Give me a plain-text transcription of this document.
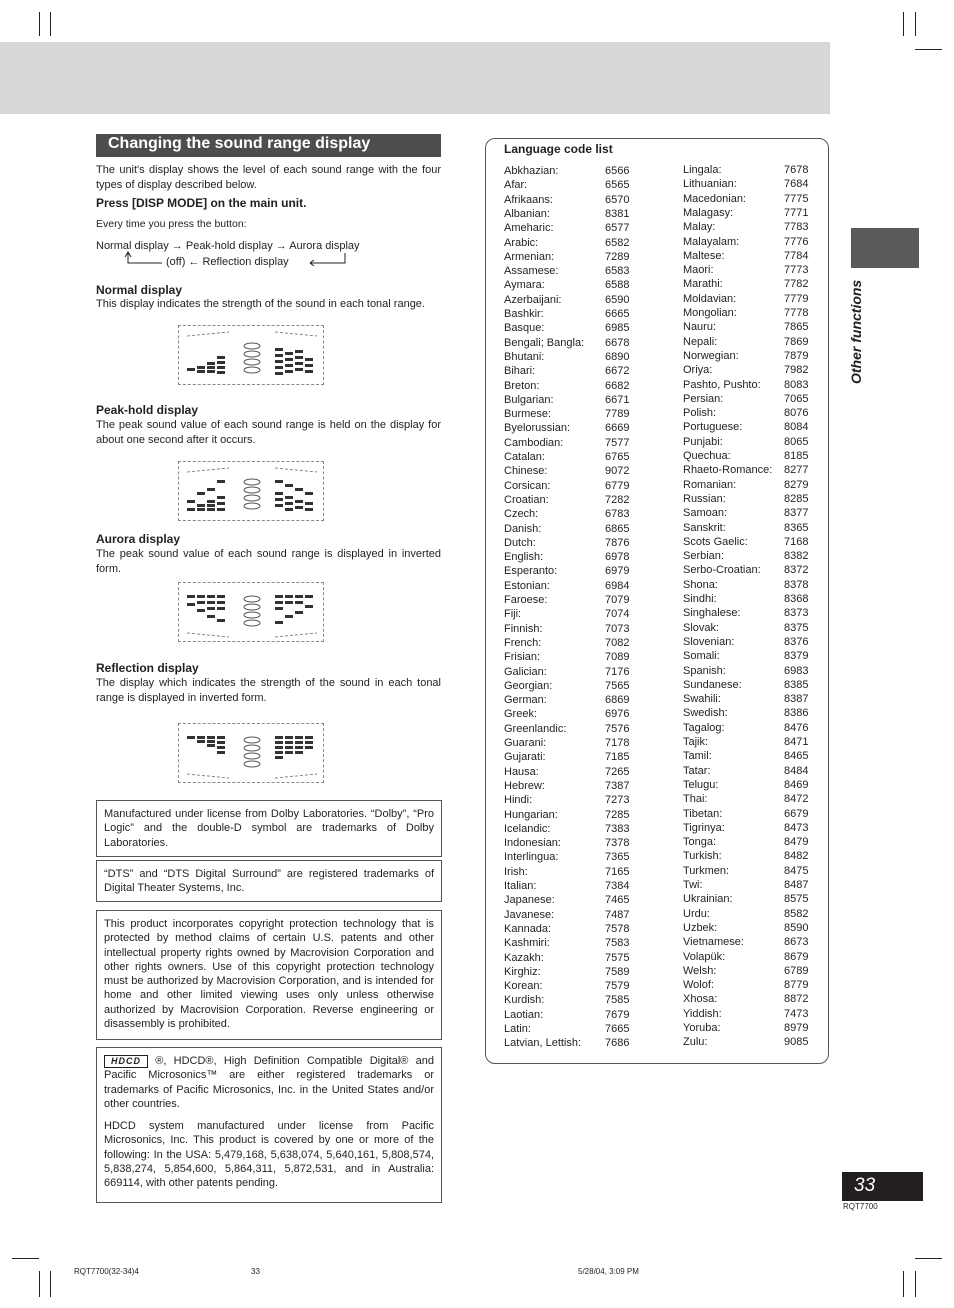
Other functions
33
RQT7700
Changing the sound range display
The unit's display shows the level of each sound range with the four types of display described below.
Press [DISP MODE] on the main unit.
Every time you press the button:
Normal display → Peak-hold display → Aurora display
(off) ← Reflection display
Normal display
This display indicates the strength of the sound in each tonal range.
Peak-hold display
The peak sound value of each sound range is held on the display for about one second after it occurs.
Aurora display
The peak sound value of each sound range is displayed in inverted form.
Reflection display
The display which indicates the strength of the sound in each tonal range is displayed in inverted form.
Manufactured under license from Dolby Laboratories. “Dolby”, “Pro Logic” and the double-D symbol are trademarks of Dolby Laboratories.
“DTS” and “DTS Digital Surround” are registered trademarks of Digital Theater Systems, Inc.
This product incorporates copyright protection technology that is protected by method claims of certain U.S. patents and other intellectual property rights owned by Macrovision Corporation and other rights owners. Use of this copyright protection technology must be authorized by Macrovision Corporation, and is intended for home and other limited viewing uses only unless otherwise authorized by Macrovision Corporation. Reverse engineering or disassembly is prohibited.
HDCD ®, HDCD®, High Definition Compatible Digital® and Pacific Microsonics™ are either registered trademarks or trademarks of Pacific Microsonics, Inc. in the United States and/or other countries.
HDCD system manufactured under license from Pacific Microsonics, Inc. This product is covered by one or more of the following: In the USA: 5,479,168, 5,638,074, 5,640,161, 5,808,574, 5,838,274, 5,854,600, 5,864,311, 5,872,531, and in Australia: 669114, with other patents pending.
Language code list
Abkhazian:	6566
Afar:	6565
Afrikaans:	6570
Albanian:	8381
Ameharic:	6577
Arabic:	6582
Armenian:	7289
Assamese:	6583
Aymara:	6588
Azerbaijani:	6590
Bashkir:	6665
Basque:	6985
Bengali; Bangla: 6678
Bhutani:	6890
Bihari:	6672
Breton:	6682
Bulgarian:	6671
Burmese:	7789
Byelorussian:	6669
Cambodian:	7577
Catalan:	6765
Chinese:	9072
Corsican:	6779
Croatian:	7282
Czech:	6783
Danish:	6865
Dutch:	7876
English:	6978
Esperanto:	6979
Estonian:	6984
Faroese:	7079
Fiji:	7074
Finnish:	7073
French:	7082
Frisian:	7089
Galician:	7176
Georgian:	7565
German:	6869
Greek:	6976
Greenlandic:	7576
Guarani:	7178
Gujarati:	7185
Hausa:	7265
Hebrew:	7387
Hindi:	7273
Hungarian:	7285
Icelandic:	7383
Indonesian:	7378
Interlingua:	7365
Irish:	7165
Italian:	7384
Japanese:	7465
Javanese:	7487
Kannada:	7578
Kashmiri:	7583
Kazakh:	7575
Kirghiz:	7589
Korean:	7579
Kurdish:	7585
Laotian:	7679
Latin:	7665
Latvian, Lettish: 7686
Lingala:	7678
Lithuanian:	7684
Macedonian:	7775
Malagasy:	7771
Malay:	7783
Malayalam:	7776
Maltese:	7784
Maori:	7773
Marathi:	7782
Moldavian:	7779
Mongolian:	7778
Nauru:	7865
Nepali:	7869
Norwegian:	7879
Oriya:	7982
Pashto, Pushto: 8083
Persian:	7065
Polish:	8076
Portuguese:	8084
Punjabi:	8065
Quechua:	8185
Rhaeto-Romance: 8277
Romanian:	8279
Russian:	8285
Samoan:	8377
Sanskrit:	8365
Scots Gaelic:	7168
Serbian:	8382
Serbo-Croatian: 8372
Shona:	8378
Sindhi:	8368
Singhalese:	8373
Slovak:	8375
Slovenian:	8376
Somali:	8379
Spanish:	6983
Sundanese:	8385
Swahili:	8387
Swedish:	8386
Tagalog:	8476
Tajik:	8471
Tamil:	8465
Tatar:	8484
Telugu:	8469
Thai:	8472
Tibetan:	6679
Tigrinya:	8473
Tonga:	8479
Turkish:	8482
Turkmen:	8475
Twi:	8487
Ukrainian:	8575
Urdu:	8582
Uzbek:	8590
Vietnamese:	8673
Volapük:	8679
Welsh:	6789
Wolof:	8779
Xhosa:	8872
Yiddish:	7473
Yoruba:	8979
Zulu:	9085
RQT7700(32-34)4	33	5/28/04, 3:09 PM
